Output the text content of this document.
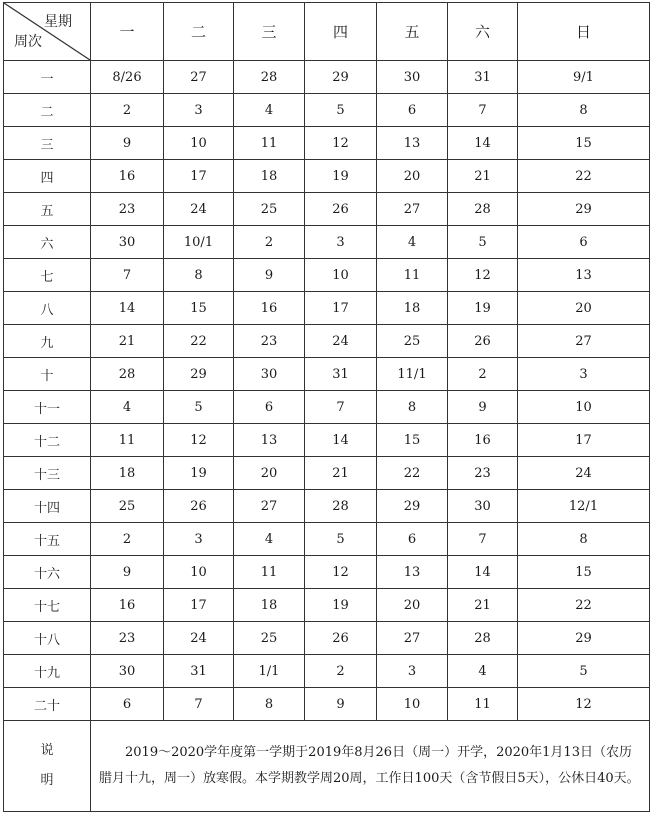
星期
周次	一	二	三	四	五	六	日
一	8/26	27	28	29	30	31	9/1
二	2	3	4	5	6	7	8
三	9	10	11	12	13	14	15
四	16	17	18	19	20	21	22
五	23	24	25	26	27	28	29
六	30	10/1	2	3	4	5	6
七	7	8	9	10	11	12	13
八	14	15	16	17	18	19	20
九	21	22	23	24	25	26	27
十	28	29	30	31	11/1	2	3
十一	4	5	6	7	8	9	10
十二	11	12	13	14	15	16	17
十三	18	19	20	21	22	23	24
十四	25	26	27	28	29	30	12/1
十五	2	3	4	5	6	7	8
十六	9	10	11	12	13	14	15
十七	16	17	18	19	20	21	22
十八	23	24	25	26	27	28	29
十九	30	31	1/1	2	3	4	5
二十	6	7	8	9	10	11	12

说
明	2019～2020学年度第一学期于2019年8月26日（周一）开学，2020年1月13日（农历腊月十九，周一）放寒假。本学期教学周20周，工作日100天（含节假日5天），公休日40天。						
